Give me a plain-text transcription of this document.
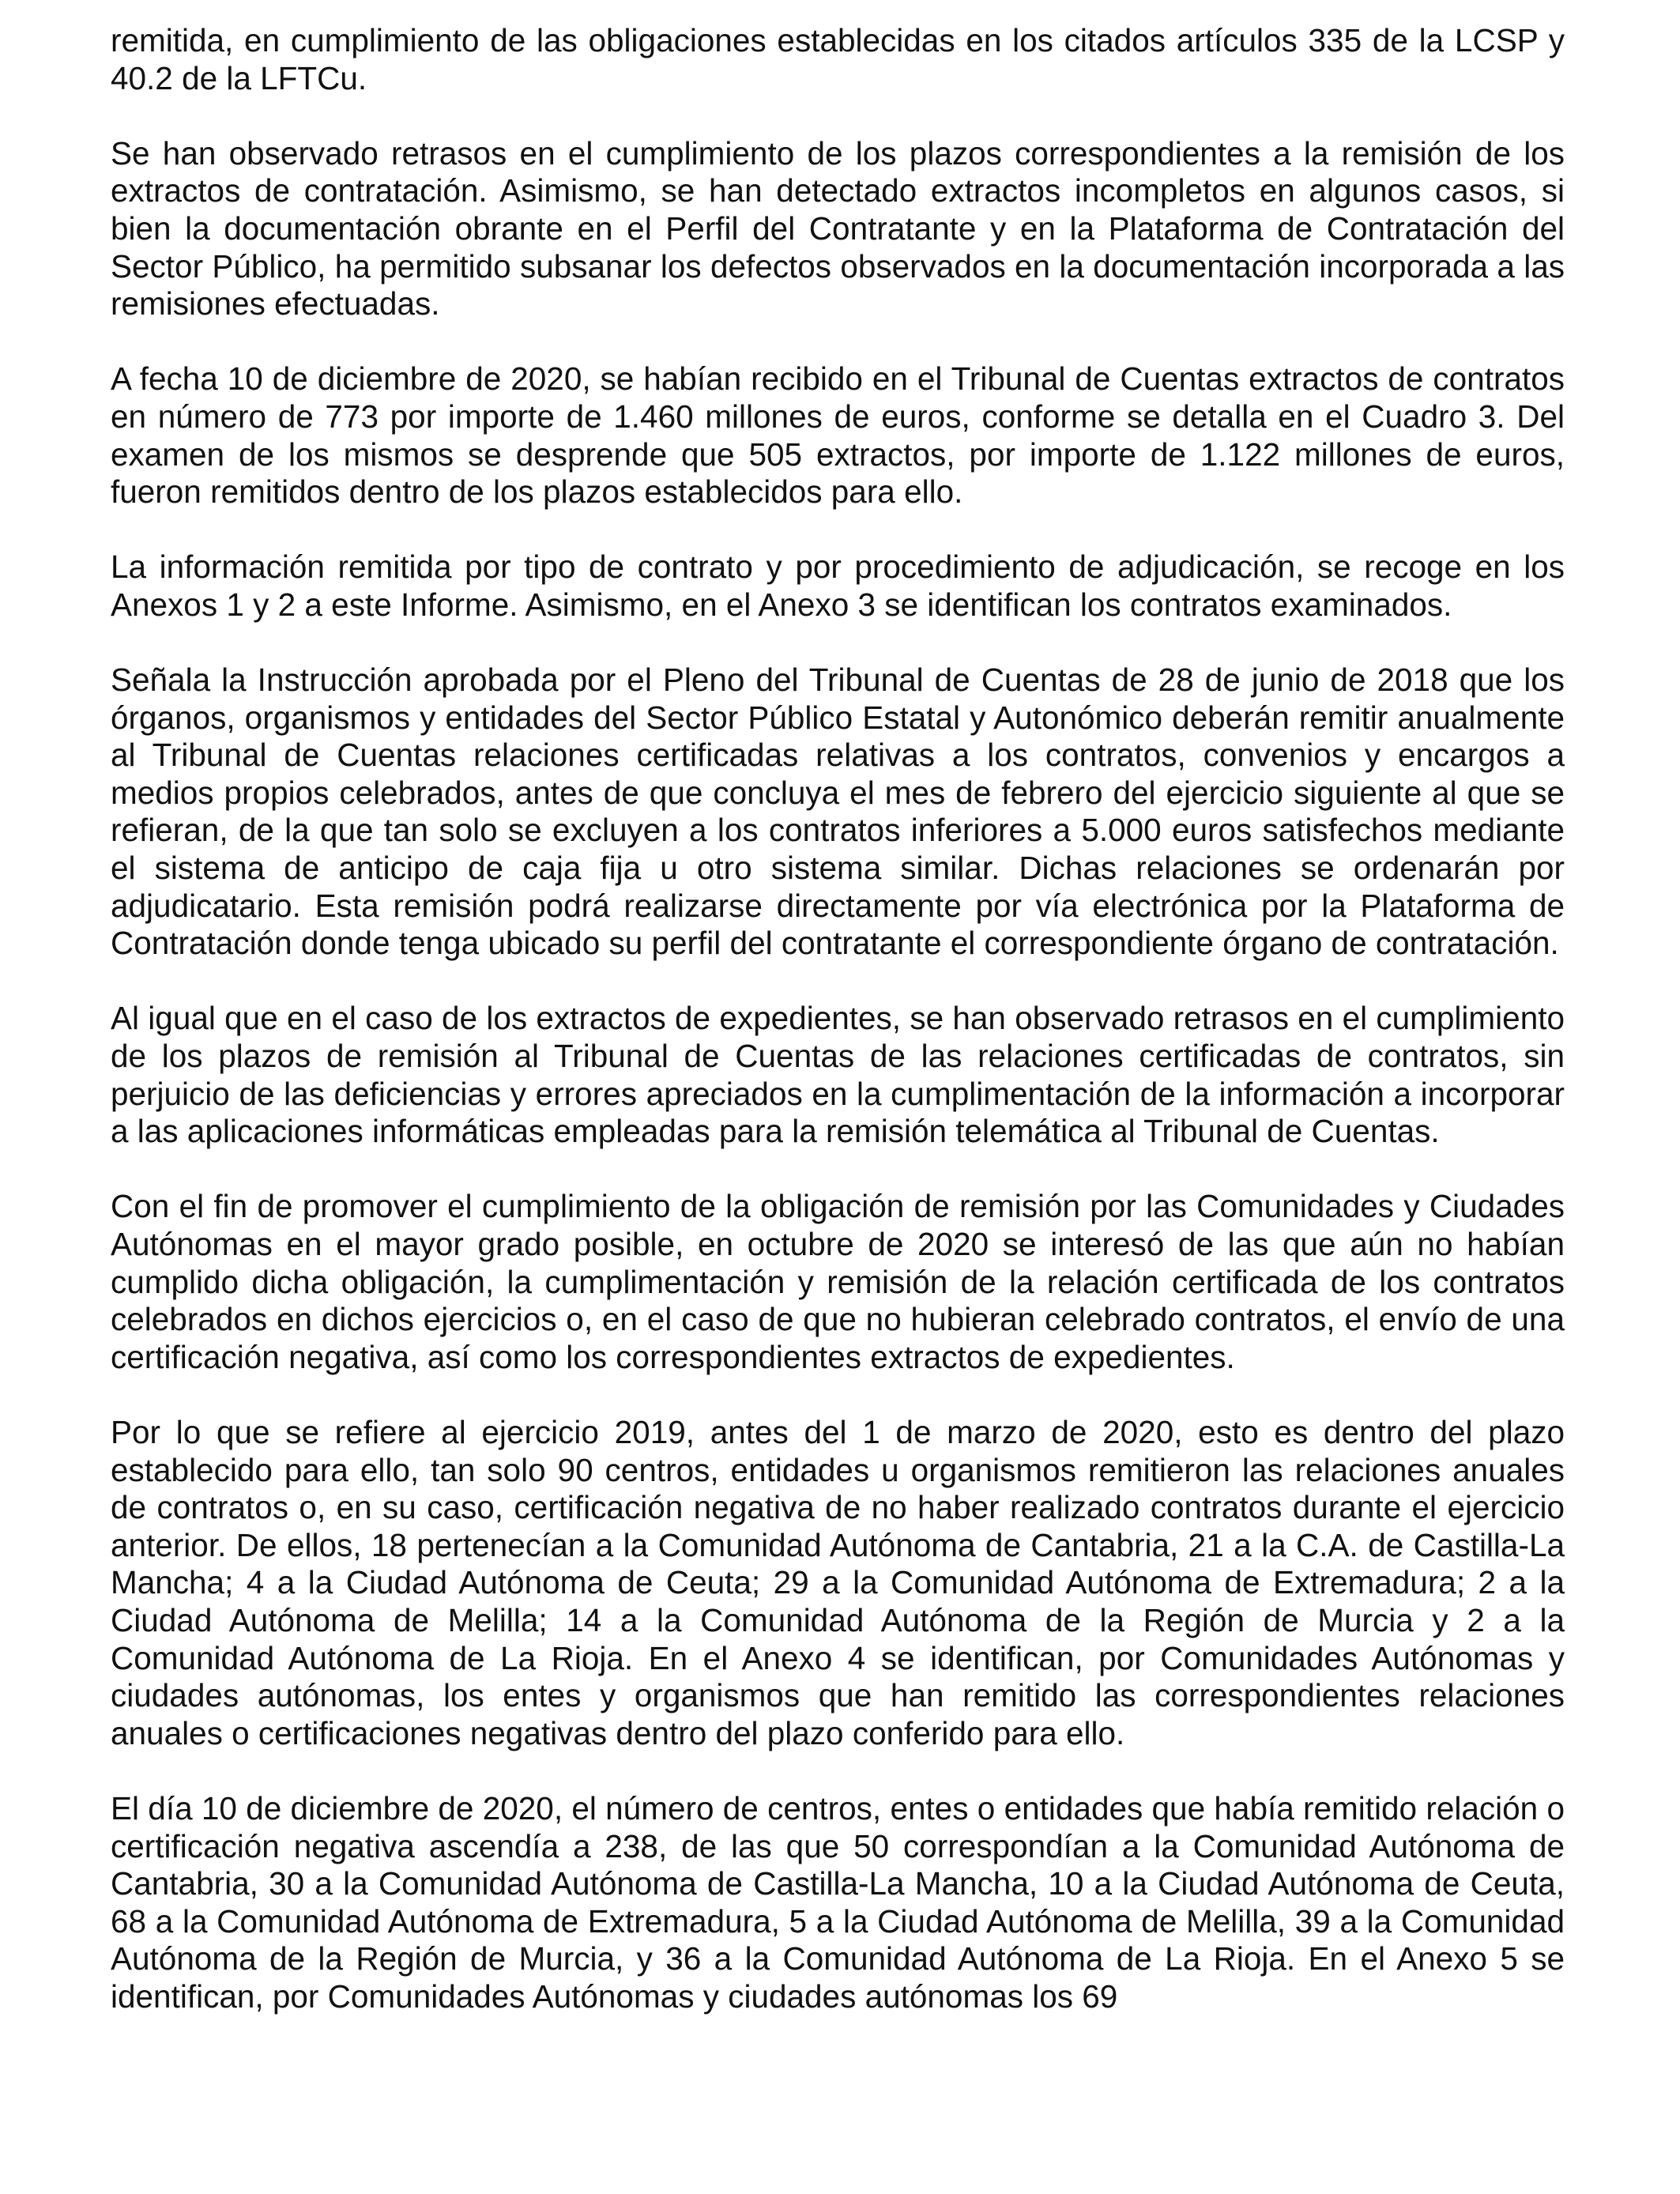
remitida, en cumplimiento de las obligaciones establecidas en los citados artículos 335 de la LCSP y 40.2 de la LFTCu.

Se han observado retrasos en el cumplimiento de los plazos correspondientes a la remisión de los extractos de contratación. Asimismo, se han detectado extractos incompletos en algunos casos, si bien la documentación obrante en el Perfil del Contratante y en la Plataforma de Contratación del Sector Público, ha permitido subsanar los defectos observados en la documentación incorporada a las remisiones efectuadas.

A fecha 10 de diciembre de 2020, se habían recibido en el Tribunal de Cuentas extractos de contratos en número de 773 por importe de 1.460 millones de euros, conforme se detalla en el Cuadro 3. Del examen de los mismos se desprende que 505 extractos, por importe de 1.122 millones de euros, fueron remitidos dentro de los plazos establecidos para ello.

La información remitida por tipo de contrato y por procedimiento de adjudicación, se recoge en los Anexos 1 y 2 a este Informe. Asimismo, en el Anexo 3 se identifican los contratos examinados.

Señala la Instrucción aprobada por el Pleno del Tribunal de Cuentas de 28 de junio de 2018 que los órganos, organismos y entidades del Sector Público Estatal y Autonómico deberán remitir anualmente al Tribunal de Cuentas relaciones certificadas relativas a los contratos, convenios y encargos a medios propios celebrados, antes de que concluya el mes de febrero del ejercicio siguiente al que se refieran, de la que tan solo se excluyen a los contratos inferiores a 5.000 euros satisfechos mediante el sistema de anticipo de caja fija u otro sistema similar. Dichas relaciones se ordenarán por adjudicatario. Esta remisión podrá realizarse directamente por vía electrónica por la Plataforma de Contratación donde tenga ubicado su perfil del contratante el correspondiente órgano de contratación.

Al igual que en el caso de los extractos de expedientes, se han observado retrasos en el cumplimiento de los plazos de remisión al Tribunal de Cuentas de las relaciones certificadas de contratos, sin perjuicio de las deficiencias y errores apreciados en la cumplimentación de la información a incorporar a las aplicaciones informáticas empleadas para la remisión telemática al Tribunal de Cuentas.

Con el fin de promover el cumplimiento de la obligación de remisión por las Comunidades y Ciudades Autónomas en el mayor grado posible, en octubre de 2020 se interesó de las que aún no habían cumplido dicha obligación, la cumplimentación y remisión de la relación certificada de los contratos celebrados en dichos ejercicios o, en el caso de que no hubieran celebrado contratos, el envío de una certificación negativa, así como los correspondientes extractos de expedientes.

Por lo que se refiere al ejercicio 2019, antes del 1 de marzo de 2020, esto es dentro del plazo establecido para ello, tan solo 90 centros, entidades u organismos remitieron las relaciones anuales de contratos o, en su caso, certificación negativa de no haber realizado contratos durante el ejercicio anterior. De ellos, 18 pertenecían a la Comunidad Autónoma de Cantabria, 21 a la C.A. de Castilla-La Mancha; 4 a la Ciudad Autónoma de Ceuta; 29 a la Comunidad Autónoma de Extremadura; 2 a la Ciudad Autónoma de Melilla; 14 a la Comunidad Autónoma de la Región de Murcia y 2 a la Comunidad Autónoma de La Rioja. En el Anexo 4 se identifican, por Comunidades Autónomas y ciudades autónomas, los entes y organismos que han remitido las correspondientes relaciones anuales o certificaciones negativas dentro del plazo conferido para ello.

El día 10 de diciembre de 2020, el número de centros, entes o entidades que había remitido relación o certificación negativa ascendía a 238, de las que 50 correspondían a la Comunidad Autónoma de Cantabria, 30 a la Comunidad Autónoma de Castilla-La Mancha, 10 a la Ciudad Autónoma de Ceuta, 68 a la Comunidad Autónoma de Extremadura, 5 a la Ciudad Autónoma de Melilla, 39 a la Comunidad Autónoma de la Región de Murcia, y 36 a la Comunidad Autónoma de La Rioja. En el Anexo 5 se identifican, por Comunidades Autónomas y ciudades autónomas los 69
